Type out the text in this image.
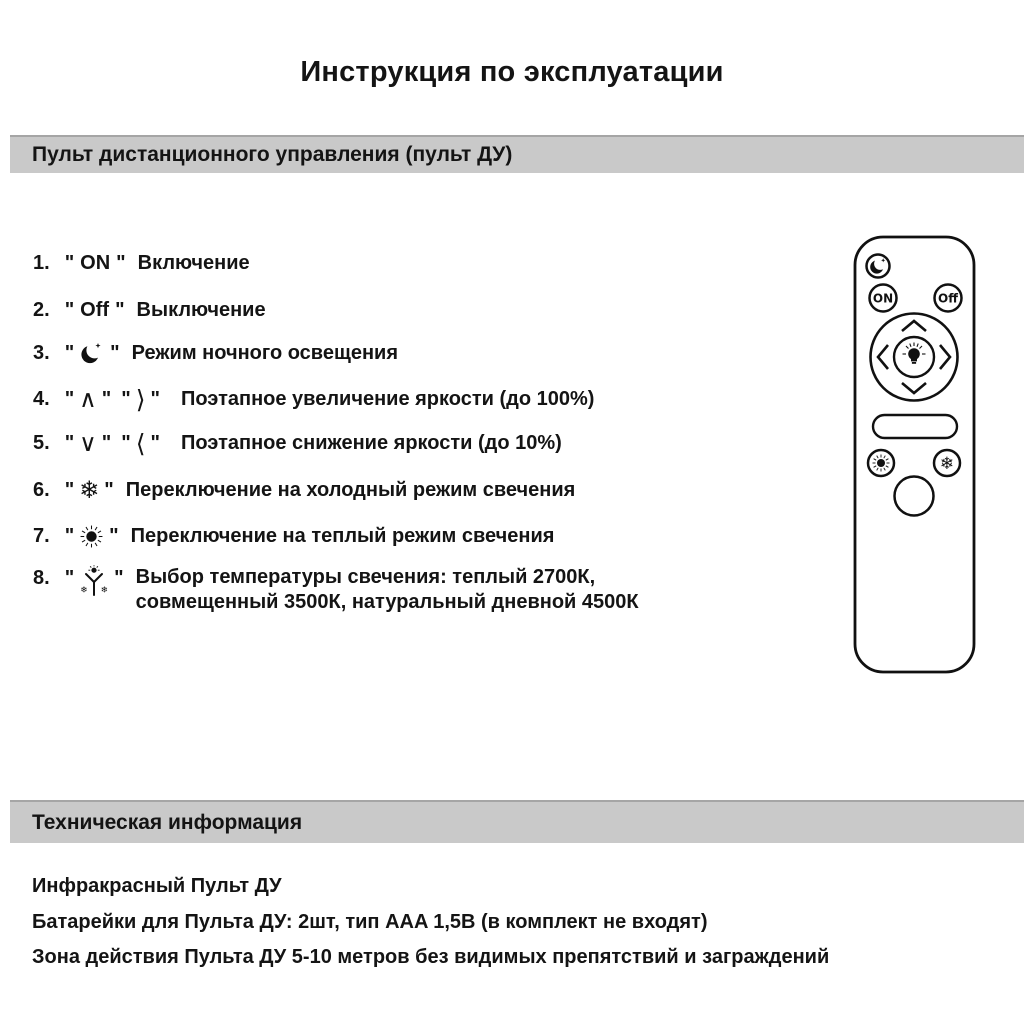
Инструкция по эксплуатации
Пульт дистанционного управления (пульт ДУ)
1. " ON " Включение
2. " Off " Выключение
3. " " Режим ночного освещения
4. " ∧ " " ⟩ " Поэтапное увеличение яркости (до 100%)
5. " ∨ " " ⟨ " Поэтапное снижение яркости (до 10%)
6. " ❄ " Переключение на холодный режим свечения
7. " " Переключение на теплый режим свечения
8. "
❄ ❄
" Выбор температуры свечения: теплый 2700К,
совмещенный 3500К, натуральный дневной 4500К
ON	Off
❄
Техническая информация
Инфракрасный Пульт ДУ
Батарейки для Пульта ДУ: 2шт, тип AAA 1,5В (в комплект не входят)
Зона действия Пульта ДУ 5-10 метров без видимых препятствий и заграждений
